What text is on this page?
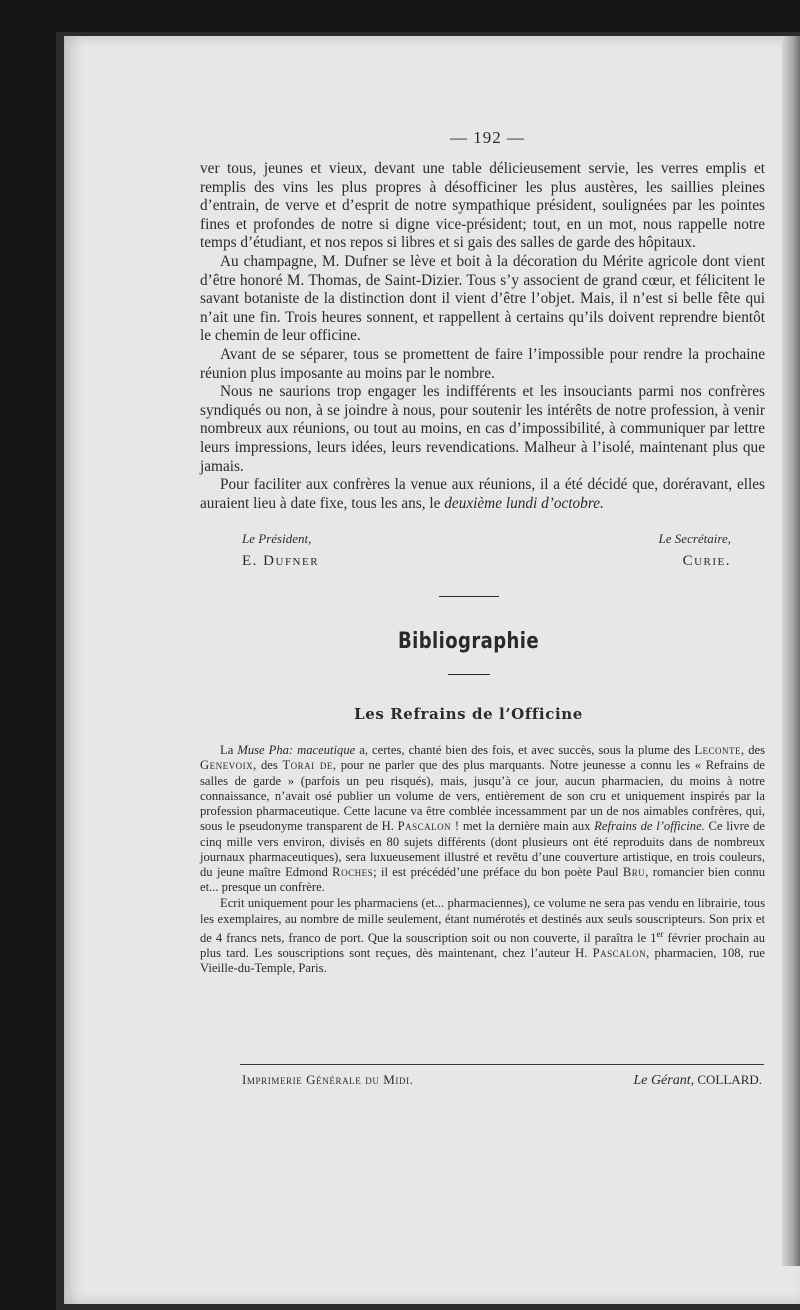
— 192 —

ver tous, jeunes et vieux, devant une table délicieusement servie, les verres emplis et remplis des vins les plus propres à désofficiner les plus austères, les saillies pleines d’entrain, de verve et d’esprit de notre sympathique président, soulignées par les pointes fines et profondes de notre si digne vice-président; tout, en un mot, nous rappelle notre temps d’étudiant, et nos repos si libres et si gais des salles de garde des hôpitaux.

Au champagne, M. Dufner se lève et boit à la décoration du Mérite agricole dont vient d’être honoré M. Thomas, de Saint-Dizier. Tous s’y associent de grand cœur, et félicitent le savant botaniste de la distinction dont il vient d’être l’objet. Mais, il n’est si belle fête qui n’ait une fin. Trois heures sonnent, et rappellent à certains qu’ils doivent reprendre bientôt le chemin de leur officine.

Avant de se séparer, tous se promettent de faire l’impossible pour rendre la prochaine réunion plus imposante au moins par le nombre.

Nous ne saurions trop engager les indifférents et les insouciants parmi nos confrères syndiqués ou non, à se joindre à nous, pour soutenir les intérêts de notre profession, à venir nombreux aux réunions, ou tout au moins, en cas d’impossibilité, à communiquer par lettre leurs impressions, leurs idées, leurs revendications. Malheur à l’isolé, maintenant plus que jamais.

Pour faciliter aux confrères la venue aux réunions, il a été décidé que, doréravant, elles auraient lieu à date fixe, tous les ans, le deuxième lundi d’octobre.

Le Président,
E. Dufner
Le Secrétaire,
Curie.
Bibliographie
Les Refrains de l’Officine

La Muse Pha: maceutique a, certes, chanté bien des fois, et avec succès, sous la plume des Leconte, des Genevoix, des Torai de, pour ne parler que des plus marquants. Notre jeunesse a connu les « Refrains de salles de garde » (parfois un peu risqués), mais, jusqu’à ce jour, aucun pharmacien, du moins à notre connaissance, n’avait osé publier un volume de vers, entièrement de son cru et uniquement inspirés par la profession pharmaceutique. Cette lacune va être comblée incessamment par un de nos aimables confrères, qui, sous le pseudonyme transparent de H. Pascalon ! met la dernière main aux Refrains de l’officine. Ce livre de cinq mille vers environ, divisés en 80 sujets différents (dont plusieurs ont été reproduits dans de nombreux journaux pharmaceutiques), sera luxueusement illustré et revêtu d’une couverture artistique, en trois couleurs, du jeune maître Edmond Roches; il est précédéd’une préface du bon poète Paul Bru, romancier bien connu et... presque un confrère.

Ecrit uniquement pour les pharmaciens (et... pharmaciennes), ce volume ne sera pas vendu en librairie, tous les exemplaires, au nombre de mille seulement, étant numérotés et destinés aux seuls souscripteurs. Son prix et de 4 francs nets, franco de port. Que la souscription soit ou non couverte, il paraîtra le 1er février prochain au plus tard. Les souscriptions sont reçues, dès maintenant, chez l’auteur H. Pascalon, pharmacien, 108, rue Vieille-du-Temple, Paris.

Imprimerie Générale du Midi.	Le Gérant, COLLARD.
